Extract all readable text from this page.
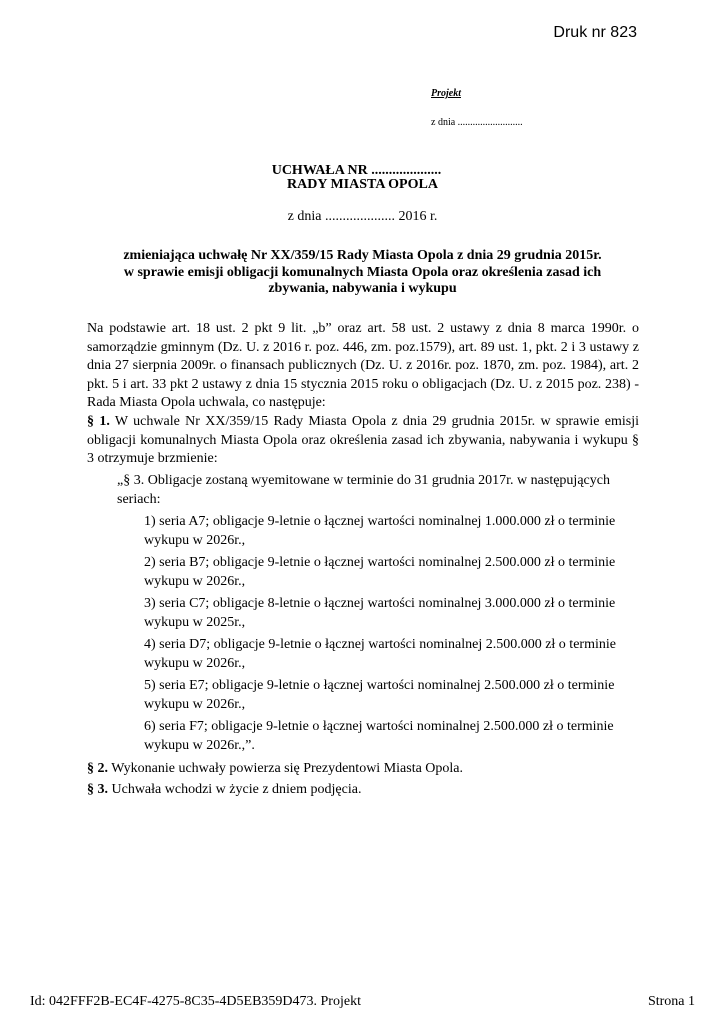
Druk nr 823
Projekt
z dnia ..........................
UCHWAŁA NR ....................
RADY MIASTA OPOLA
z dnia .................... 2016 r.
zmieniająca uchwałę Nr XX/359/15 Rady Miasta Opola z dnia 29 grudnia 2015r.
w sprawie emisji obligacji komunalnych Miasta Opola oraz określenia zasad ich
zbywania, nabywania i wykupu
Na podstawie art. 18 ust. 2 pkt 9 lit. „b” oraz art. 58 ust. 2 ustawy z dnia 8 marca 1990r. o samorządzie gminnym (Dz. U. z 2016 r. poz. 446, zm. poz.1579), art. 89 ust. 1, pkt. 2 i 3 ustawy z dnia 27 sierpnia 2009r. o finansach publicznych (Dz. U. z 2016r. poz. 1870, zm. poz. 1984), art. 2 pkt. 5 i art. 33 pkt 2 ustawy z dnia 15 stycznia 2015 roku o obligacjach (Dz. U. z 2015 poz. 238) - Rada Miasta Opola uchwala, co następuje:
§ 1. W uchwale Nr XX/359/15 Rady Miasta Opola z dnia 29 grudnia 2015r. w sprawie emisji obligacji komunalnych Miasta Opola oraz określenia zasad ich zbywania, nabywania i wykupu § 3 otrzymuje brzmienie:
„§ 3. Obligacje zostaną wyemitowane w terminie do 31 grudnia 2017r. w następujących seriach:
1) seria A7; obligacje 9-letnie o łącznej wartości nominalnej 1.000.000 zł o terminie wykupu w 2026r.,
2) seria B7; obligacje 9-letnie o łącznej wartości nominalnej 2.500.000 zł o terminie wykupu w 2026r.,
3) seria C7; obligacje 8-letnie o łącznej wartości nominalnej 3.000.000 zł o terminie wykupu w 2025r.,
4) seria D7; obligacje 9-letnie o łącznej wartości nominalnej 2.500.000 zł o terminie wykupu w 2026r.,
5) seria E7; obligacje 9-letnie o łącznej wartości nominalnej 2.500.000 zł o terminie wykupu w 2026r.,
6) seria F7; obligacje 9-letnie o łącznej wartości nominalnej 2.500.000 zł o terminie wykupu w 2026r.,”.
§ 2. Wykonanie uchwały powierza się Prezydentowi Miasta Opola.
§ 3. Uchwała wchodzi w życie z dniem podjęcia.
Id: 042FFF2B-EC4F-4275-8C35-4D5EB359D473. Projekt	Strona 1
